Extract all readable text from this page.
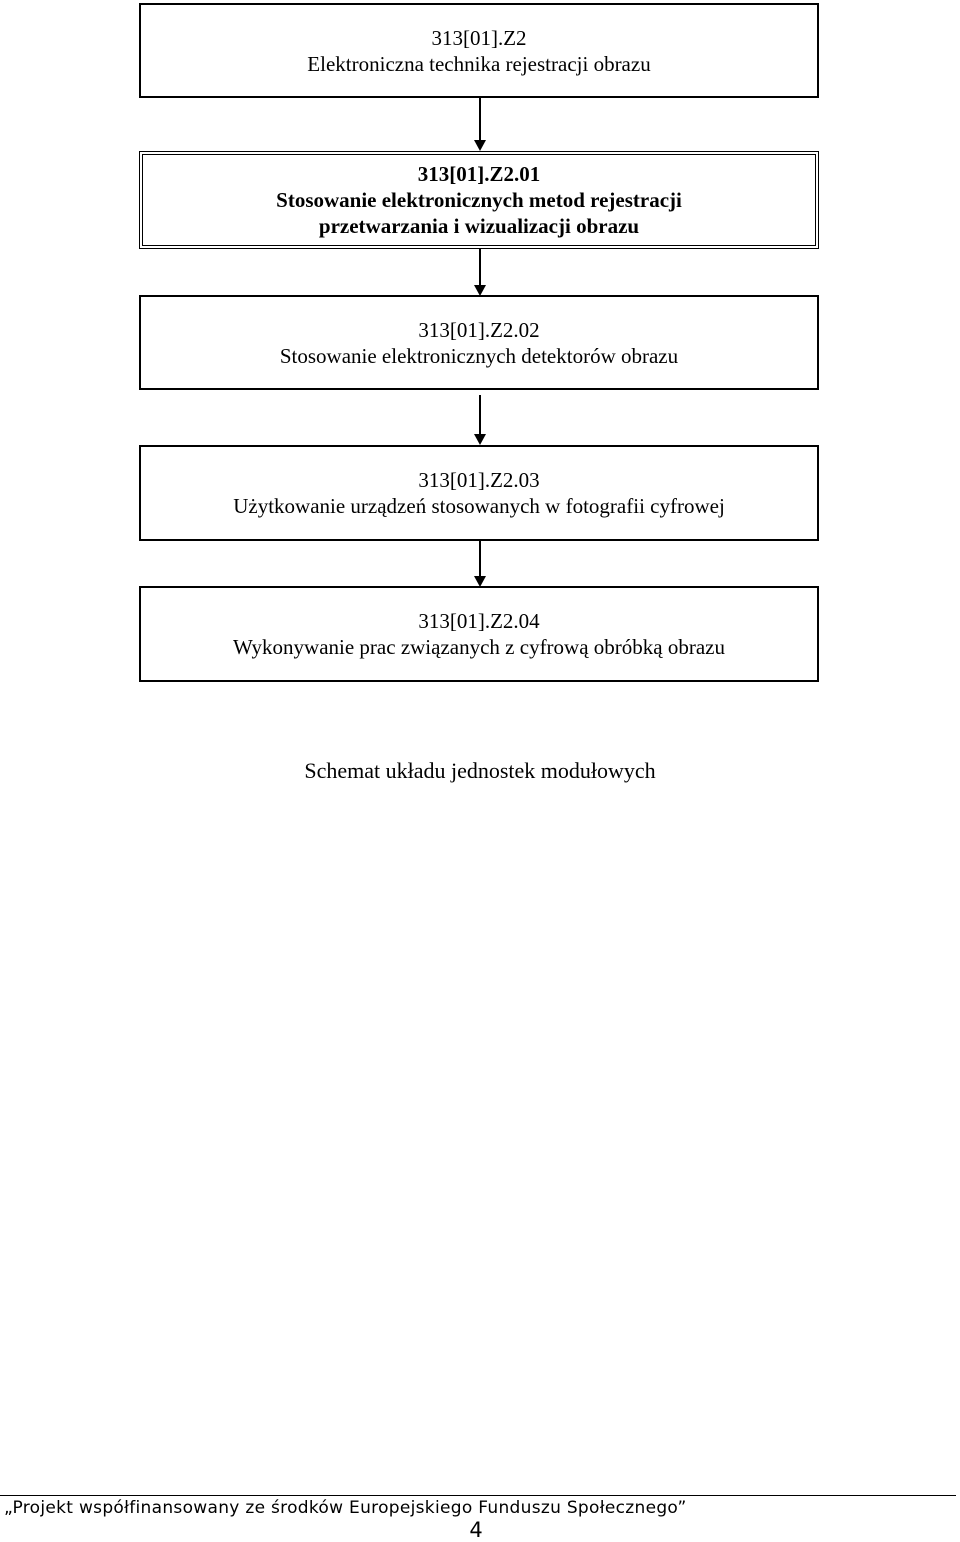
313[01].Z2
Elektroniczna technika rejestracji obrazu
313[01].Z2.01
Stosowanie elektronicznych metod rejestracji
przetwarzania i wizualizacji obrazu
313[01].Z2.02
Stosowanie elektronicznych detektorów obrazu
313[01].Z2.03
Użytkowanie urządzeń stosowanych w fotografii cyfrowej
313[01].Z2.04
Wykonywanie prac związanych z cyfrową obróbką obrazu
Schemat układu jednostek modułowych
„Projekt współfinansowany ze środków Europejskiego Funduszu Społecznego”
4
